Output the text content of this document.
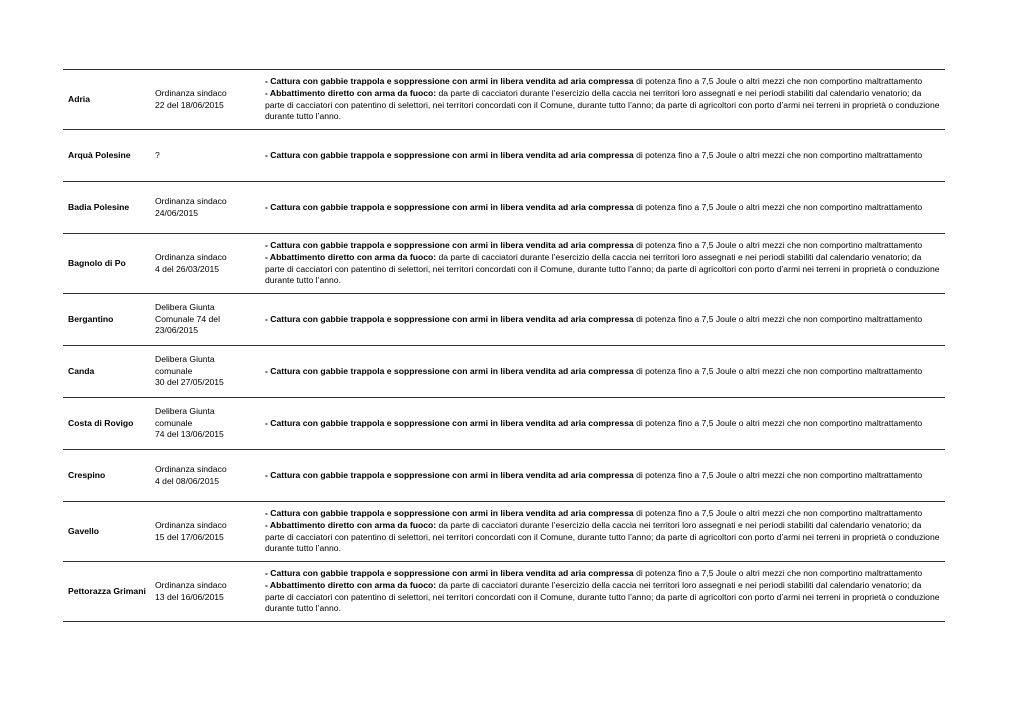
Adria	Ordinanza sindaco
22 del 18/06/2015	- Cattura con gabbie trappola e soppressione con armi in libera vendita ad aria compressa di potenza fino a 7,5 Joule o altri mezzi che non comportino maltrattamento
- Abbattimento diretto con arma da fuoco: da parte di cacciatori durante l’esercizio della caccia nei territori loro assegnati e nei periodi stabiliti dal calendario venatorio; da parte di cacciatori con patentino di selettori, nei territori concordati con il Comune, durante tutto l’anno; da parte di agricoltori con porto d’armi nei terreni in proprietà o conduzione durante tutto l’anno.

Arquà Polesine	?	- Cattura con gabbie trappola e soppressione con armi in libera vendita ad aria compressa di potenza fino a 7,5 Joule o altri mezzi che non comportino maltrattamento

Badia Polesine	Ordinanza sindaco
24/06/2015	- Cattura con gabbie trappola e soppressione con armi in libera vendita ad aria compressa di potenza fino a 7,5 Joule o altri mezzi che non comportino maltrattamento

Bagnolo di Po	Ordinanza sindaco
4 del 26/03/2015	- Cattura con gabbie trappola e soppressione con armi in libera vendita ad aria compressa di potenza fino a 7,5 Joule o altri mezzi che non comportino maltrattamento
- Abbattimento diretto con arma da fuoco: da parte di cacciatori durante l’esercizio della caccia nei territori loro assegnati e nei periodi stabiliti dal calendario venatorio; da parte di cacciatori con patentino di selettori, nei territori concordati con il Comune, durante tutto l’anno; da parte di agricoltori con porto d’armi nei terreni in proprietà o conduzione durante tutto l’anno.

Bergantino	Delibera Giunta
Comunale 74 del
23/06/2015	- Cattura con gabbie trappola e soppressione con armi in libera vendita ad aria compressa di potenza fino a 7,5 Joule o altri mezzi che non comportino maltrattamento

Canda	Delibera Giunta
comunale
30 del 27/05/2015	- Cattura con gabbie trappola e soppressione con armi in libera vendita ad aria compressa di potenza fino a 7,5 Joule o altri mezzi che non comportino maltrattamento

Costa di Rovigo	Delibera Giunta
comunale
74 del 13/06/2015	- Cattura con gabbie trappola e soppressione con armi in libera vendita ad aria compressa di potenza fino a 7,5 Joule o altri mezzi che non comportino maltrattamento

Crespino	Ordinanza sindaco
4 del 08/06/2015	- Cattura con gabbie trappola e soppressione con armi in libera vendita ad aria compressa di potenza fino a 7,5 Joule o altri mezzi che non comportino maltrattamento

Gavello	Ordinanza sindaco
15 del 17/06/2015	- Cattura con gabbie trappola e soppressione con armi in libera vendita ad aria compressa di potenza fino a 7,5 Joule o altri mezzi che non comportino maltrattamento
- Abbattimento diretto con arma da fuoco: da parte di cacciatori durante l’esercizio della caccia nei territori loro assegnati e nei periodi stabiliti dal calendario venatorio; da parte di cacciatori con patentino di selettori, nei territori concordati con il Comune, durante tutto l’anno; da parte di agricoltori con porto d’armi nei terreni in proprietà o conduzione durante tutto l’anno.

Pettorazza Grimani	Ordinanza sindaco
13 del 16/06/2015	- Cattura con gabbie trappola e soppressione con armi in libera vendita ad aria compressa di potenza fino a 7,5 Joule o altri mezzi che non comportino maltrattamento
- Abbattimento diretto con arma da fuoco: da parte di cacciatori durante l’esercizio della caccia nei territori loro assegnati e nei periodi stabiliti dal calendario venatorio; da parte di cacciatori con patentino di selettori, nei territori concordati con il Comune, durante tutto l’anno; da parte di agricoltori con porto d’armi nei terreni in proprietà o conduzione durante tutto l’anno.
